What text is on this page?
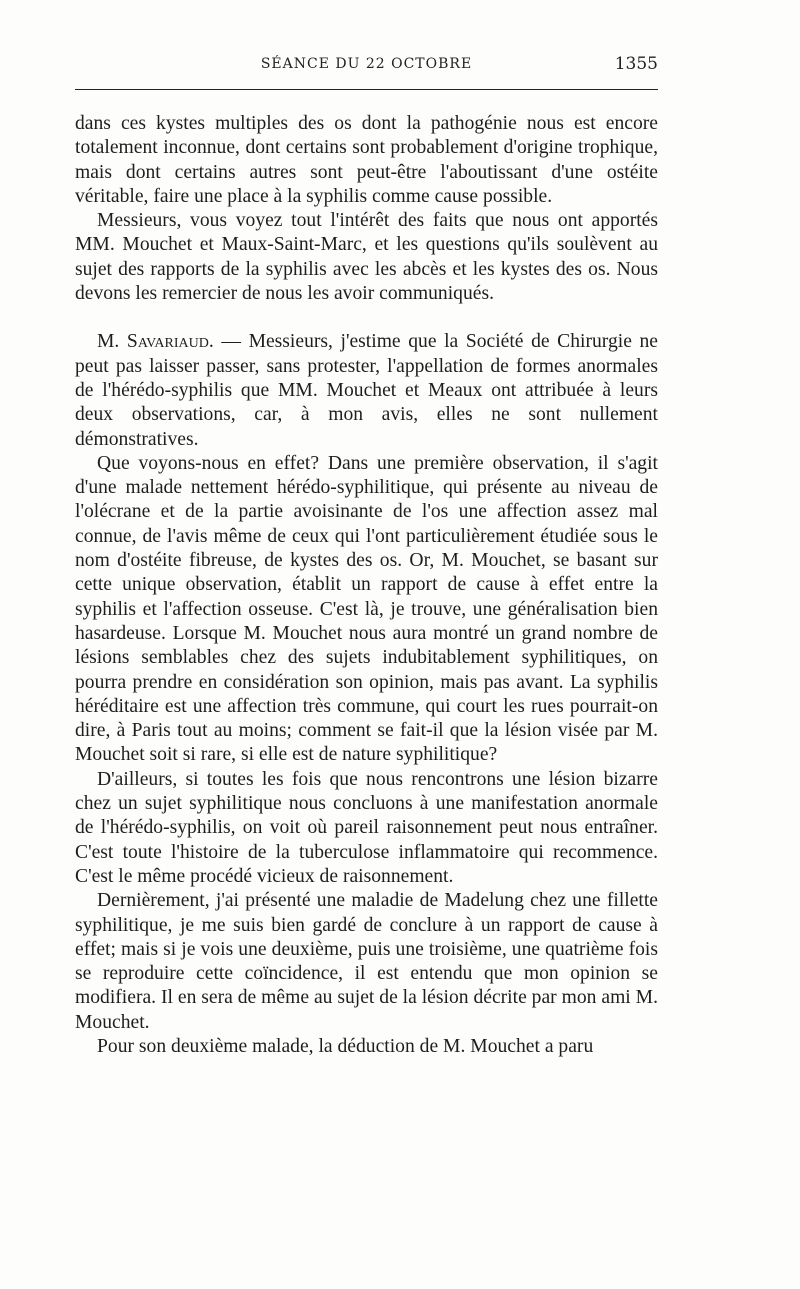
SÉANCE DU 22 OCTOBRE	1355

dans ces kystes multiples des os dont la pathogénie nous est encore totalement inconnue, dont certains sont probablement d'origine trophique, mais dont certains autres sont peut-être l'aboutissant d'une ostéite véritable, faire une place à la syphilis comme cause possible.

Messieurs, vous voyez tout l'intérêt des faits que nous ont apportés MM. Mouchet et Maux-Saint-Marc, et les questions qu'ils soulèvent au sujet des rapports de la syphilis avec les abcès et les kystes des os. Nous devons les remercier de nous les avoir communiqués.

M. Savariaud. — Messieurs, j'estime que la Société de Chirurgie ne peut pas laisser passer, sans protester, l'appellation de formes anormales de l'hérédo-syphilis que MM. Mouchet et Meaux ont attribuée à leurs deux observations, car, à mon avis, elles ne sont nullement démonstratives.

Que voyons-nous en effet? Dans une première observation, il s'agit d'une malade nettement hérédo-syphilitique, qui présente au niveau de l'olécrane et de la partie avoisinante de l'os une affection assez mal connue, de l'avis même de ceux qui l'ont particulièrement étudiée sous le nom d'ostéite fibreuse, de kystes des os. Or, M. Mouchet, se basant sur cette unique observation, établit un rapport de cause à effet entre la syphilis et l'affection osseuse. C'est là, je trouve, une généralisation bien hasardeuse. Lorsque M. Mouchet nous aura montré un grand nombre de lésions semblables chez des sujets indubitablement syphilitiques, on pourra prendre en considération son opinion, mais pas avant. La syphilis héréditaire est une affection très commune, qui court les rues pourrait-on dire, à Paris tout au moins; comment se fait-il que la lésion visée par M. Mouchet soit si rare, si elle est de nature syphilitique?

D'ailleurs, si toutes les fois que nous rencontrons une lésion bizarre chez un sujet syphilitique nous concluons à une manifestation anormale de l'hérédo-syphilis, on voit où pareil raisonnement peut nous entraîner. C'est toute l'histoire de la tuberculose inflammatoire qui recommence. C'est le même procédé vicieux de raisonnement.

Dernièrement, j'ai présenté une maladie de Madelung chez une fillette syphilitique, je me suis bien gardé de conclure à un rapport de cause à effet; mais si je vois une deuxième, puis une troisième, une quatrième fois se reproduire cette coïncidence, il est entendu que mon opinion se modifiera. Il en sera de même au sujet de la lésion décrite par mon ami M. Mouchet.

Pour son deuxième malade, la déduction de M. Mouchet a paru
